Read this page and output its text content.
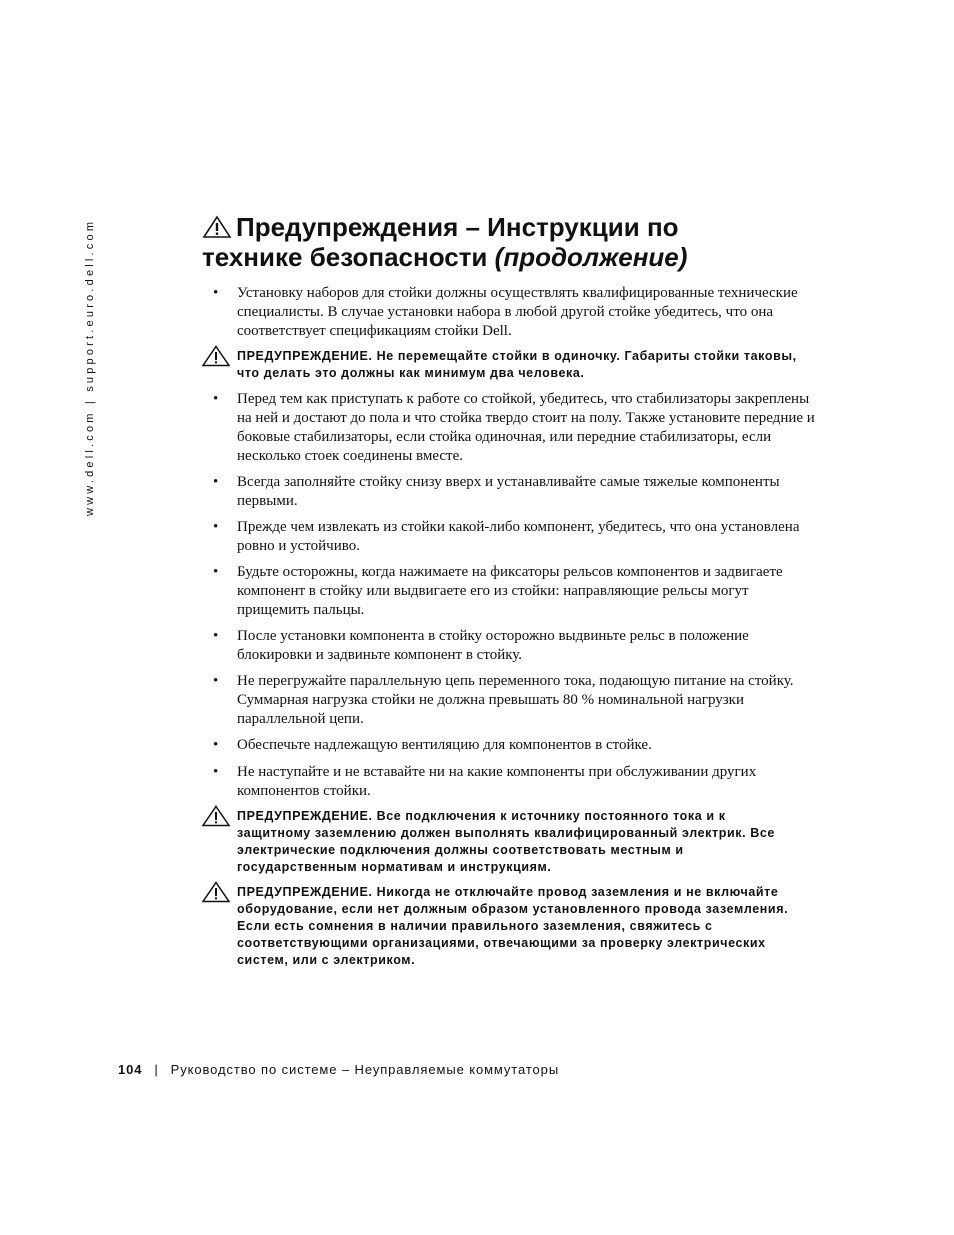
www.dell.com | support.euro.dell.com	Предупреждения – Инструкции по
технике безопасности (продолжение)
• Установку наборов для стойки должны осуществлять квалифицированные технические специалисты. В случае установки набора в любой другой стойке убедитесь, что она соответствует спецификациям стойки Dell.
ПРЕДУПРЕЖДЕНИЕ. Не перемещайте стойки в одиночку. Габариты стойки таковы, что делать это должны как минимум два человека.
• Перед тем как приступать к работе со стойкой, убедитесь, что стабилизаторы закреплены на ней и достают до пола и что стойка твердо стоит на полу. Также установите передние и боковые стабилизаторы, если стойка одиночная, или передние стабилизаторы, если несколько стоек соединены вместе.
• Всегда заполняйте стойку снизу вверх и устанавливайте самые тяжелые компоненты первыми.
• Прежде чем извлекать из стойки какой-либо компонент, убедитесь, что она установлена ровно и устойчиво.
• Будьте осторожны, когда нажимаете на фиксаторы рельсов компонентов и задвигаете компонент в стойку или выдвигаете его из стойки: направляющие рельсы могут прищемить пальцы.
• После установки компонента в стойку осторожно выдвиньте рельс в положение блокировки и задвиньте компонент в стойку.
• Не перегружайте параллельную цепь переменного тока, подающую питание на стойку. Суммарная нагрузка стойки не должна превышать 80 % номинальной нагрузки параллельной цепи.
• Обеспечьте надлежащую вентиляцию для компонентов в стойке.
• Не наступайте и не вставайте ни на какие компоненты при обслуживании других компонентов стойки.
ПРЕДУПРЕЖДЕНИЕ. Все подключения к источнику постоянного тока и к защитному заземлению должен выполнять квалифицированный электрик. Все электрические подключения должны соответствовать местным и государственным нормативам и инструкциям.
ПРЕДУПРЕЖДЕНИЕ. Никогда не отключайте провод заземления и не включайте оборудование, если нет должным образом установленного провода заземления. Если есть сомнения в наличии правильного заземления, свяжитесь с соответствующими организациями, отвечающими за проверку электрических систем, или с электриком.
104 | Руководство по системе – Неуправляемые коммутаторы
